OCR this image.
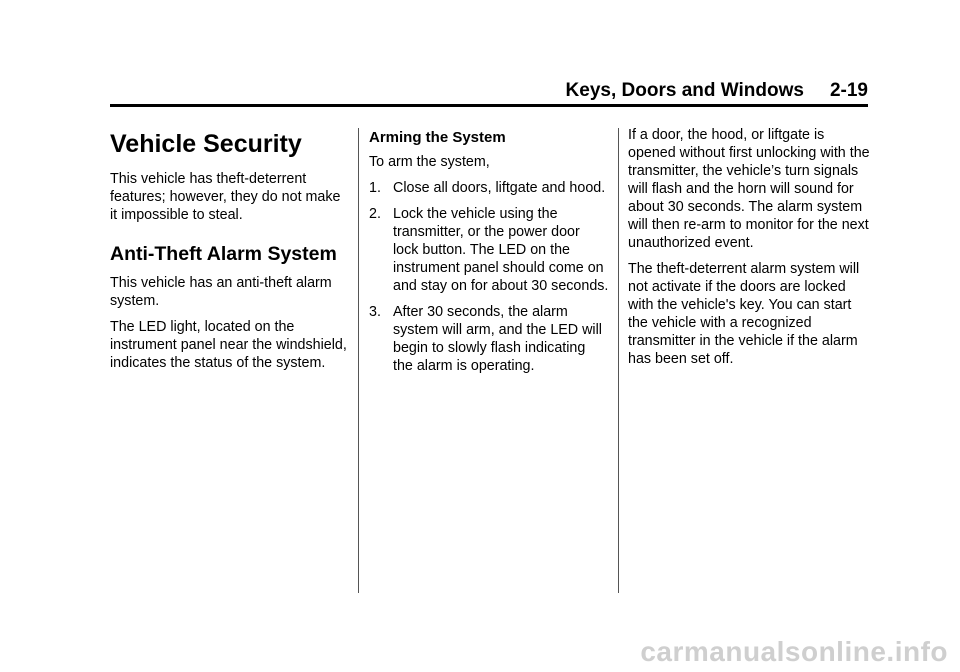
Keys, Doors and Windows 2-19
Vehicle Security

This vehicle has theft-deterrent features; however, they do not make it impossible to steal.

Anti-Theft Alarm System

This vehicle has an anti-theft alarm system.

The LED light, located on the instrument panel near the windshield, indicates the status of the system.

Arming the System

To arm the system,

1. Close all doors, liftgate and hood.
2. Lock the vehicle using the transmitter, or the power door lock button. The LED on the instrument panel should come on and stay on for about 30 seconds.
3. After 30 seconds, the alarm system will arm, and the LED will begin to slowly flash indicating the alarm is operating.

If a door, the hood, or liftgate is opened without first unlocking with the transmitter, the vehicle’s turn signals will flash and the horn will sound for about 30 seconds. The alarm system will then re-arm to monitor for the next unauthorized event.

The theft-deterrent alarm system will not activate if the doors are locked with the vehicle's key. You can start the vehicle with a recognized transmitter in the vehicle if the alarm has been set off.

carmanualsonline.info
